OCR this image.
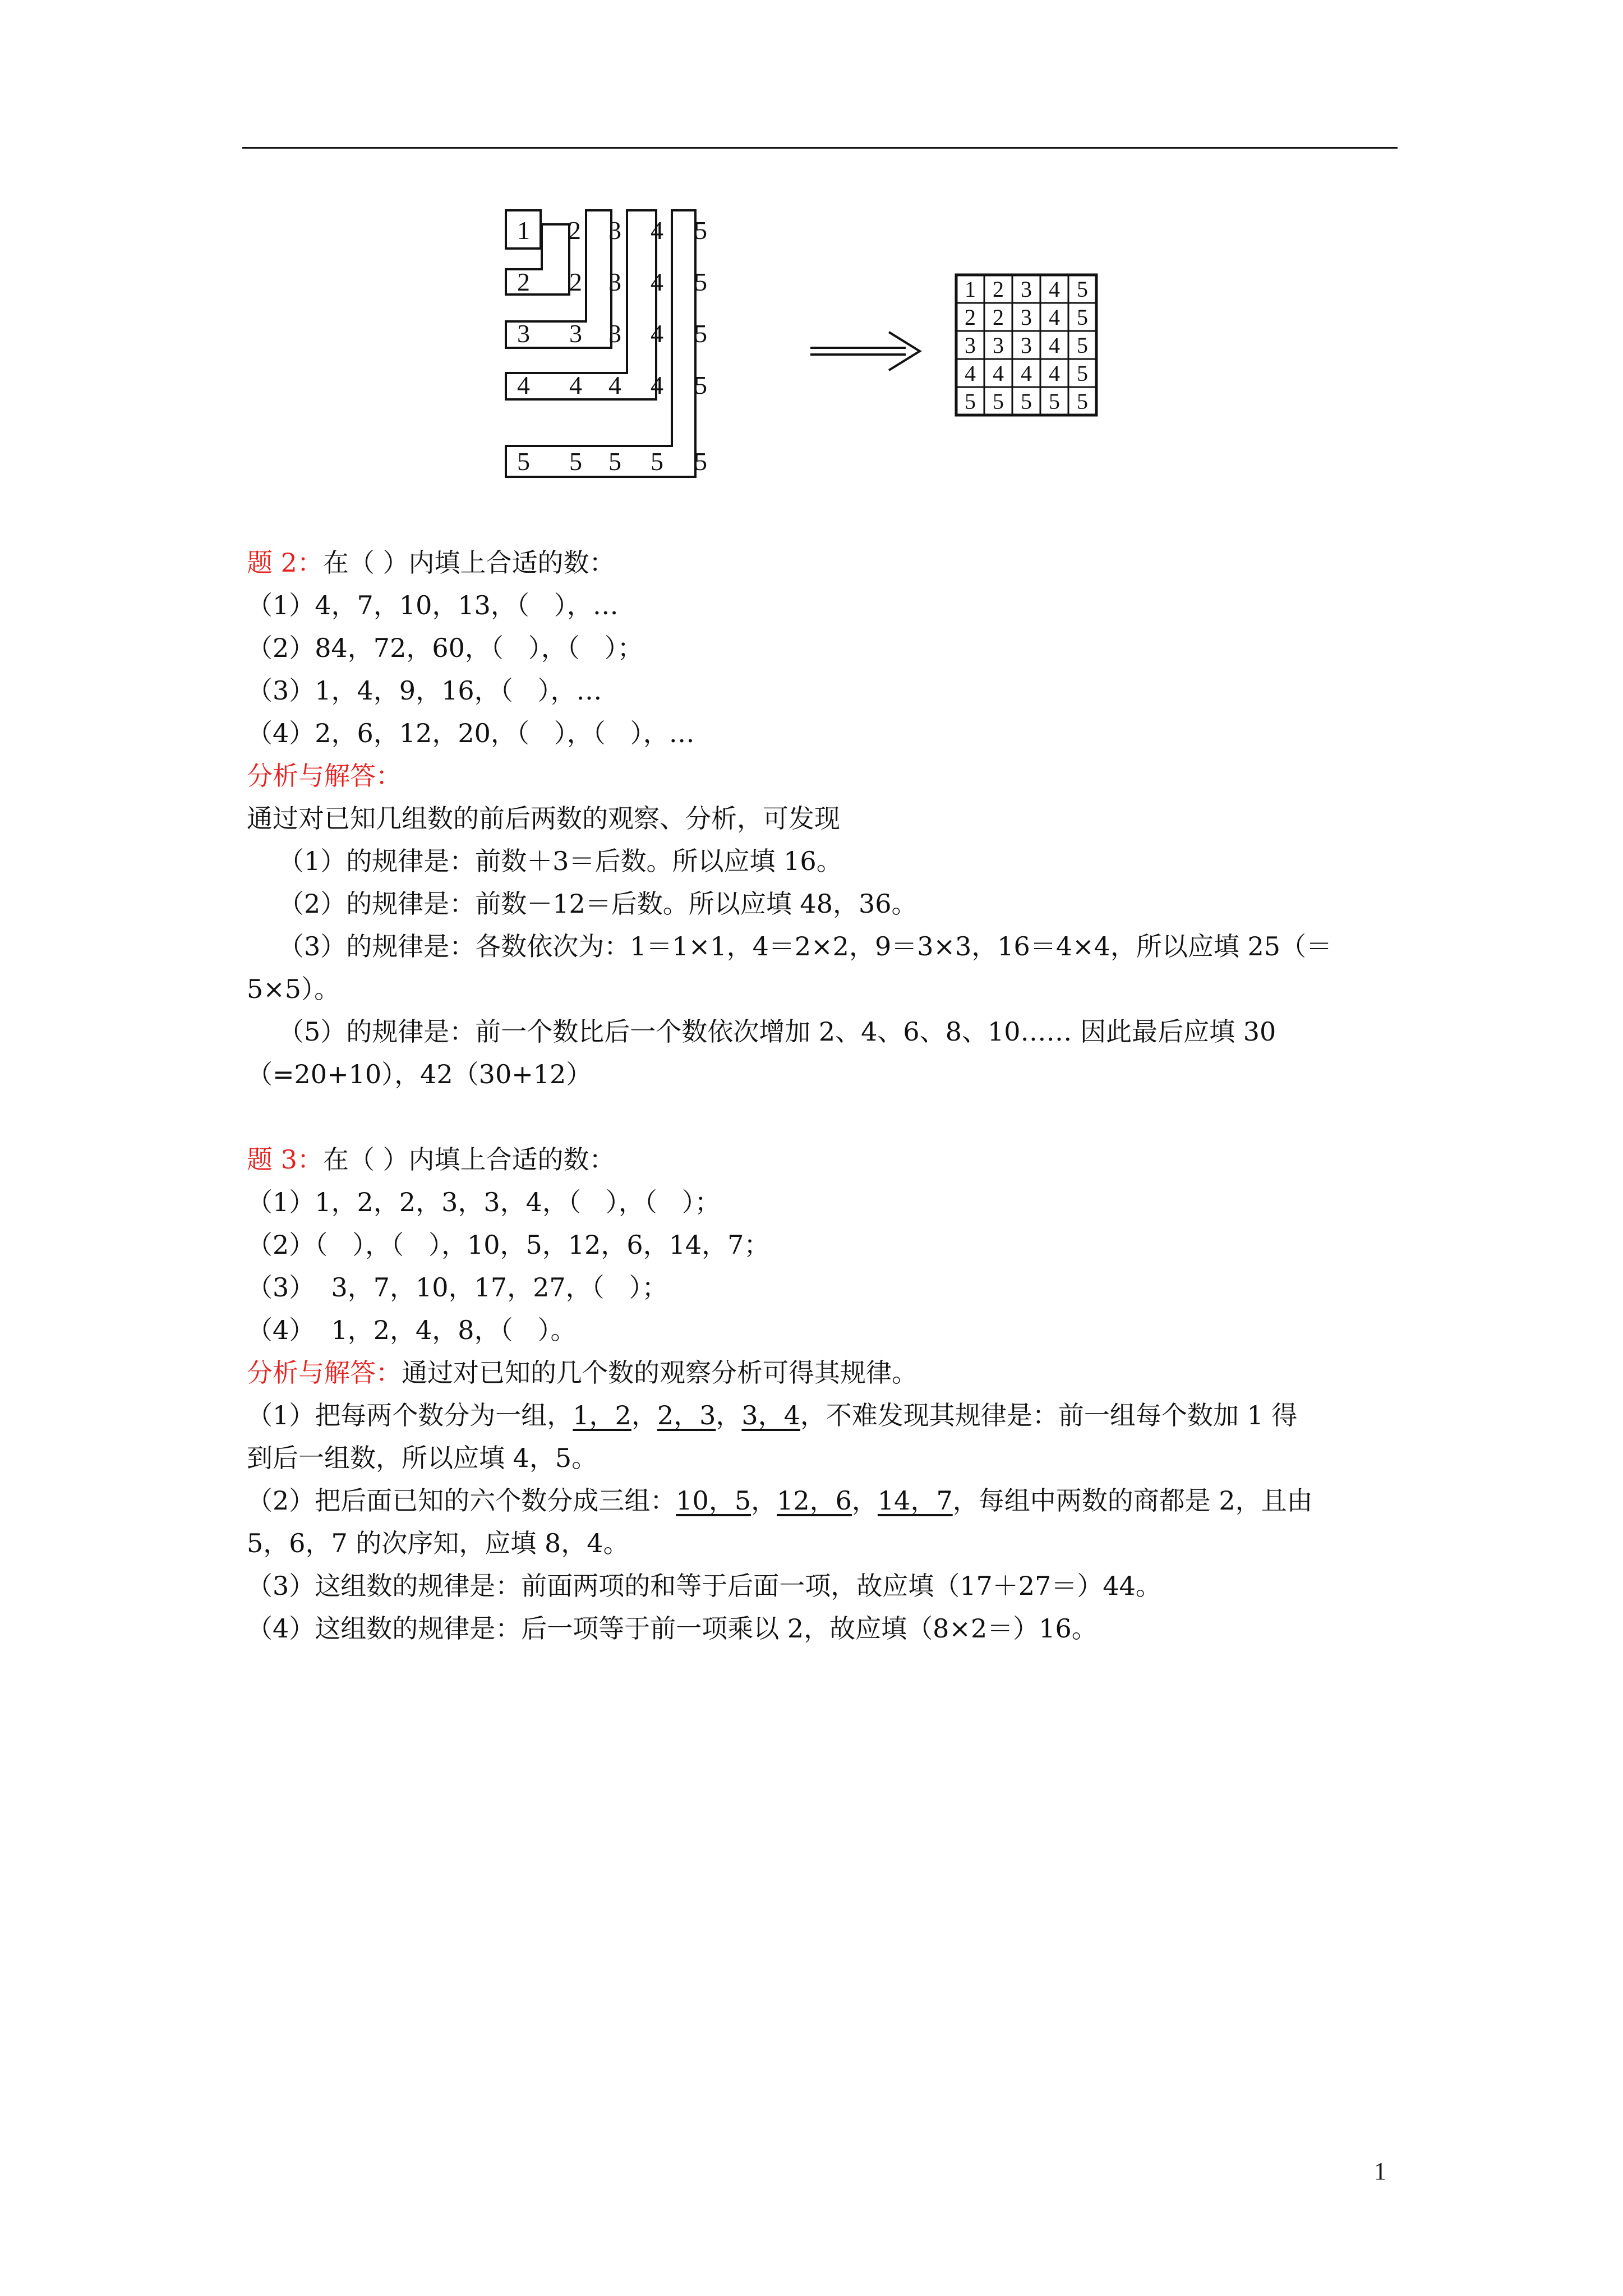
1 2
2 2
3
3
3 3 3
4
4
4
4 4 4 4
5
5
5
5
5 5 5 5 5
1 2 3 4 5
2 2 3 4 5
3 3 3 4 5
4 4 4 4 5
5 5 5 5 5
题 2：在（ ）内填上合适的数：
（1）4，7，10，13，（   ），…
（2）84，72，60，（   ），（   ）；
（3）1，4，9，16，（   ），…
（4）2，6，12，20，（   ），（   ），…
分析与解答：
通过对已知几组数的前后两数的观察、分析，可发现
（1）的规律是：前数＋3＝后数。所以应填 16。
（2）的规律是：前数－12＝后数。所以应填 48，36。
（3）的规律是：各数依次为：1＝1×1，4＝2×2，9＝3×3，16＝4×4，所以应填 25（＝
5×5）。
（5）的规律是：前一个数比后一个数依次增加 2、4、6、8、10…… 因此最后应填 30
（=20+10），42（30+12）
题 3：在（ ）内填上合适的数：
（1）1，2，2，3，3，4，（   ），（   ）；
（2）（   ），（   ），10，5，12，6，14，7；
（3）  3，7，10，17，27，（   ）；
（4）  1，2，4，8，（   ）。
分析与解答：通过对已知的几个数的观察分析可得其规律。
（1）把每两个数分为一组，1，2，2，3，3，4，不难发现其规律是：前一组每个数加 1 得
到后一组数，所以应填 4，5。
（2）把后面已知的六个数分成三组：10，5，12，6，14，7，每组中两数的商都是 2，且由
5，6，7 的次序知，应填 8，4。
（3）这组数的规律是：前面两项的和等于后面一项，故应填（17＋27＝）44。
（4）这组数的规律是：后一项等于前一项乘以 2，故应填（8×2＝）16。
1
